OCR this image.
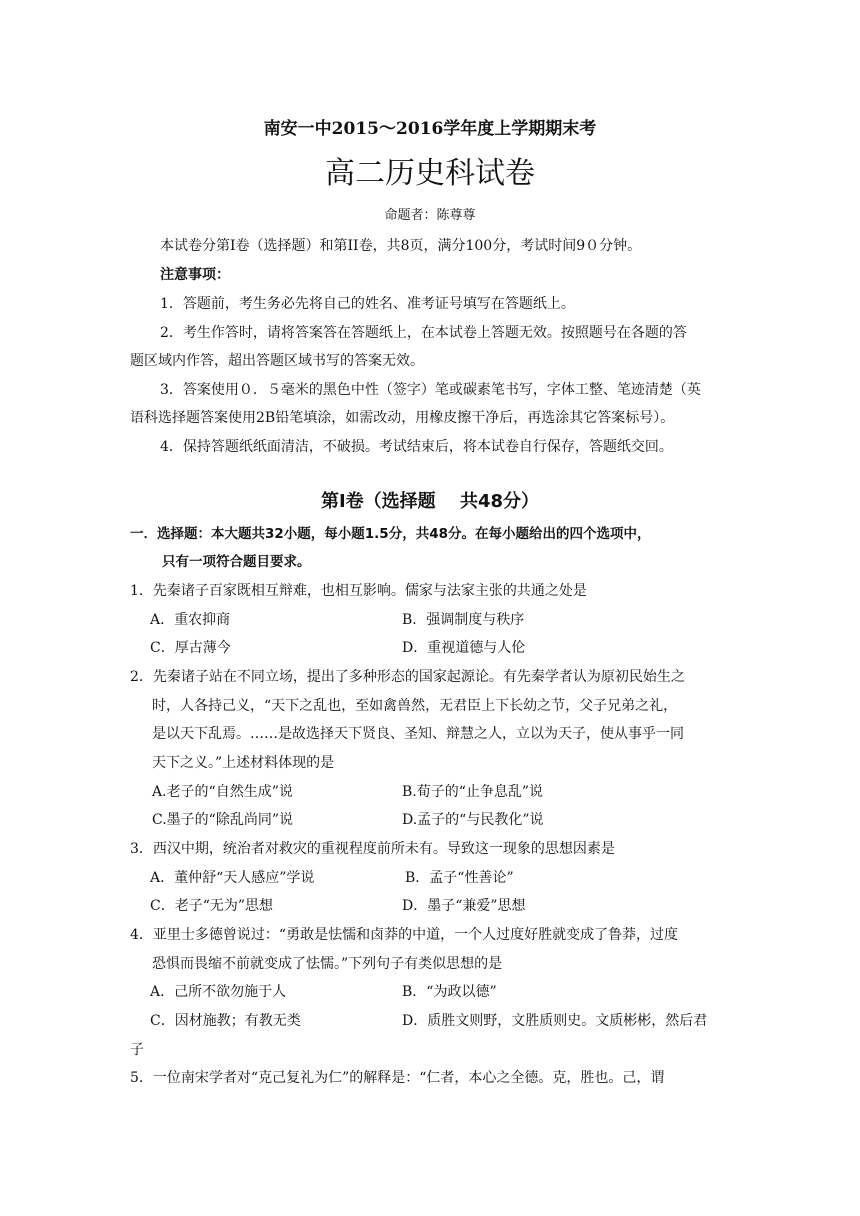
南安一中2015～2016学年度上学期期末考
高二历史科试卷
命题者：陈尊尊
本试卷分第I卷（选择题）和第II卷，共8页，满分100分，考试时间9０分钟。
注意事项：
1．答题前，考生务必先将自己的姓名、准考证号填写在答题纸上。
2．考生作答时，请将答案答在答题纸上，在本试卷上答题无效。按照题号在各题的答
题区域内作答，超出答题区域书写的答案无效。
3．答案使用０．５毫米的黑色中性（签字）笔或碳素笔书写，字体工整、笔迹清楚（英
语科选择题答案使用2B铅笔填涂，如需改动，用橡皮擦干净后，再选涂其它答案标号）。
4．保持答题纸纸面清洁，不破损。考试结束后，将本试卷自行保存，答题纸交回。
第Ⅰ卷（选择题　 共48分）
一．选择题：本大题共32小题，每小题1.5分，共48分。在每小题给出的四个选项中，
只有一项符合题目要求。
1．先秦诸子百家既相互辩难，也相互影响。儒家与法家主张的共通之处是
A．重农抑商	B．强调制度与秩序
C．厚古薄今	D．重视道德与人伦
2．先秦诸子站在不同立场，提出了多种形态的国家起源论。有先秦学者认为原初民始生之
时，人各持己义，“天下之乱也，至如禽兽然，无君臣上下长幼之节，父子兄弟之礼，
是以天下乱焉。……是故选择天下贤良、圣知、辩慧之人，立以为天子，使从事乎一同
天下之义。”上述材料体现的是
A.老子的“自然生成”说	B.荀子的“止争息乱”说
C.墨子的“除乱尚同”说	D.孟子的“与民教化”说
3．西汉中期，统治者对救灾的重视程度前所未有。导致这一现象的思想因素是
A．董仲舒“天人感应”学说	B．孟子“性善论”
C．老子“无为”思想	D．墨子“兼爱”思想
4．亚里士多德曾说过：“勇敢是怯懦和卤莽的中道，一个人过度好胜就变成了鲁莽，过度
恐惧而畏缩不前就变成了怯懦。”下列句子有类似思想的是
A．己所不欲勿施于人	B．“为政以德”
C．因材施教；有教无类	D．质胜文则野，文胜质则史。文质彬彬，然后君
子
5．一位南宋学者对“克己复礼为仁”的解释是：“仁者，本心之全德。克，胜也。己，谓
